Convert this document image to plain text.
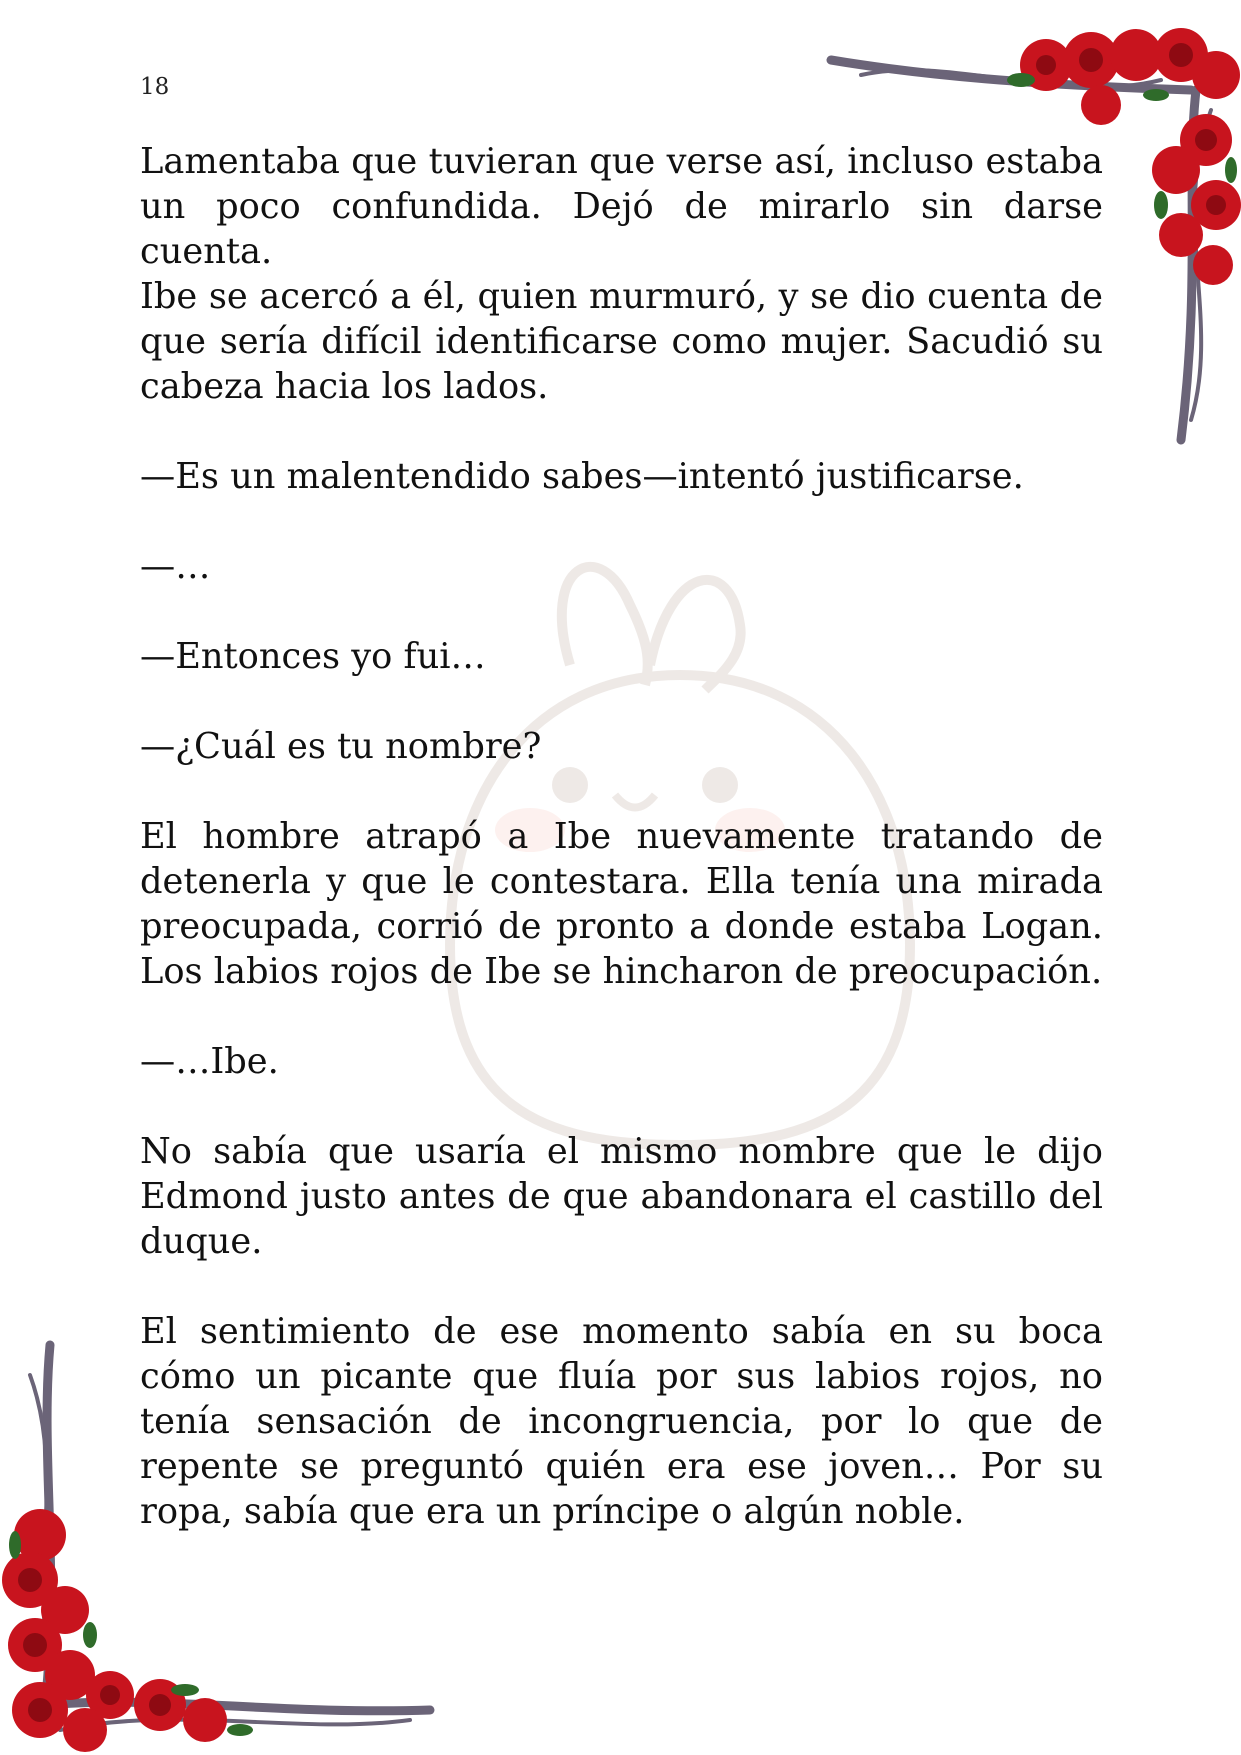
18

Lamentaba que tuvieran que verse así, incluso estaba un poco confundida. Dejó de mirarlo sin darse cuenta.

Ibe se acercó a él, quien murmuró, y se dio cuenta de que sería difícil identificarse como mujer. Sacudió su cabeza hacia los lados.

—Es un malentendido sabes—intentó justificarse.

—…

—Entonces yo fui…

—¿Cuál es tu nombre?

El hombre atrapó a Ibe nuevamente tratando de detenerla y que le contestara. Ella tenía una mirada preocupada, corrió de pronto a donde estaba Logan. Los labios rojos de Ibe se hincharon de preocupación.

—…Ibe.

No sabía que usaría el mismo nombre que le dijo Edmond justo antes de que abandonara el castillo del duque.

El sentimiento de ese momento sabía en su boca cómo un picante que fluía por sus labios rojos, no tenía sensación de incongruencia, por lo que de repente se preguntó quién era ese joven… Por su ropa, sabía que era un príncipe o algún noble.
